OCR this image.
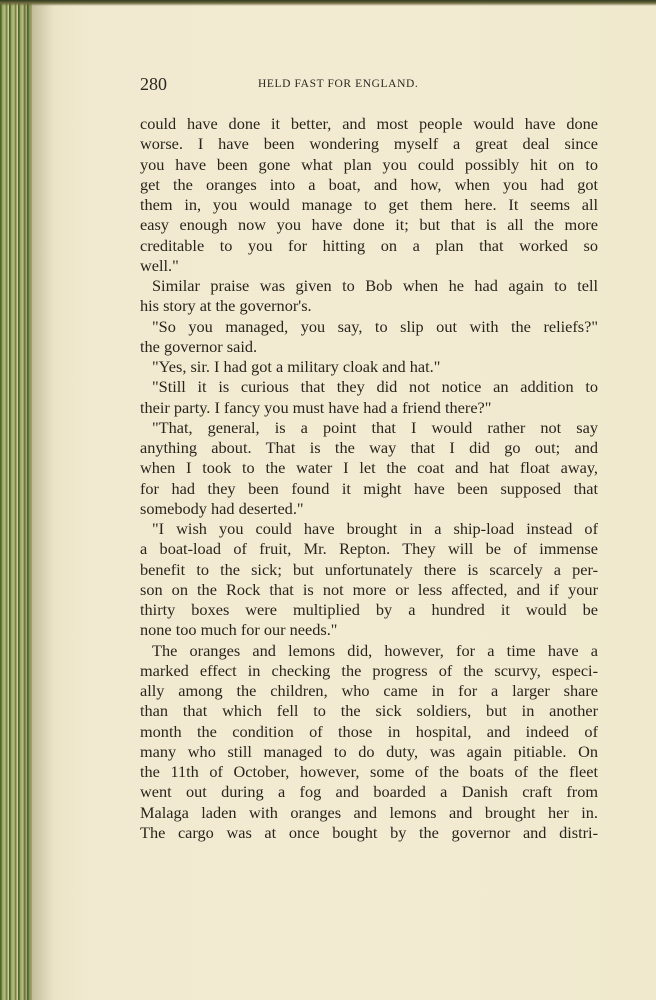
280	HELD FAST FOR ENGLAND.
could have done it better, and most people would have done
worse. I have been wondering myself a great deal since
you have been gone what plan you could possibly hit on to
get the oranges into a boat, and how, when you had got
them in, you would manage to get them here. It seems all
easy enough now you have done it; but that is all the more
creditable to you for hitting on a plan that worked so
well."
Similar praise was given to Bob when he had again to tell
his story at the governor's.
"So you managed, you say, to slip out with the reliefs?"
the governor said.
"Yes, sir. I had got a military cloak and hat."
"Still it is curious that they did not notice an addition to
their party. I fancy you must have had a friend there?"
"That, general, is a point that I would rather not say
anything about. That is the way that I did go out; and
when I took to the water I let the coat and hat float away,
for had they been found it might have been supposed that
somebody had deserted."
"I wish you could have brought in a ship-load instead of
a boat-load of fruit, Mr. Repton. They will be of immense
benefit to the sick; but unfortunately there is scarcely a per-
son on the Rock that is not more or less affected, and if your
thirty boxes were multiplied by a hundred it would be
none too much for our needs."
The oranges and lemons did, however, for a time have a
marked effect in checking the progress of the scurvy, especi-
ally among the children, who came in for a larger share
than that which fell to the sick soldiers, but in another
month the condition of those in hospital, and indeed of
many who still managed to do duty, was again pitiable. On
the 11th of October, however, some of the boats of the fleet
went out during a fog and boarded a Danish craft from
Malaga laden with oranges and lemons and brought her in.
The cargo was at once bought by the governor and distri-
